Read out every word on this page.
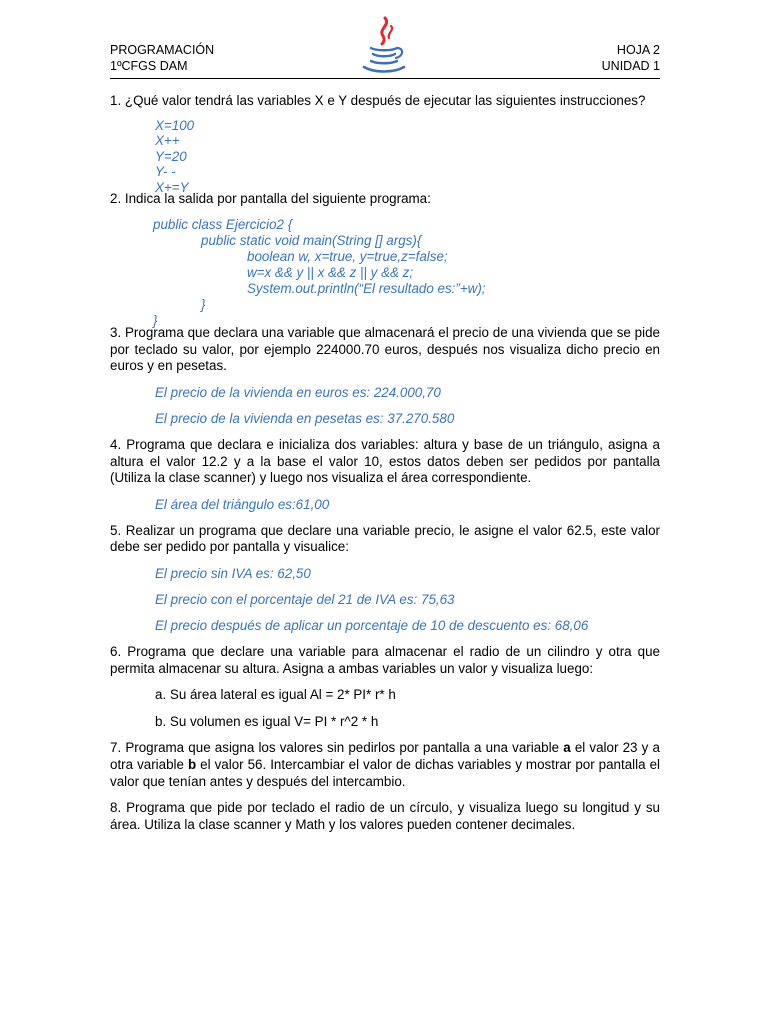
PROGRAMACIÓN
1ºCFGS DAM
HOJA 2
UNIDAD 1

1. ¿Qué valor tendrá las variables X e Y después de ejecutar las siguientes instrucciones?

X=100
X++
Y=20
Y- -
X+=Y

2. Indica la salida por pantalla del siguiente programa:

public class Ejercicio2 {
public static void main(String [] args){
boolean w, x=true, y=true,z=false;
w=x && y || x && z || y && z;
System.out.println(“El resultado es:”+w);
}
}

3. Programa que declara una variable que almacenará el precio de una vivienda que se pide por teclado su valor, por ejemplo 224000.70 euros, después nos visualiza dicho precio en euros y en pesetas.

El precio de la vivienda en euros es: 224.000,70
El precio de la vivienda en pesetas es: 37.270.580

4. Programa que declara e inicializa dos variables: altura y base de un triángulo, asigna a altura el valor 12.2 y a la base el valor 10, estos datos deben ser pedidos por pantalla (Utiliza la clase scanner) y luego nos visualiza el área correspondiente.

El área del triángulo es:61,00

5. Realizar un programa que declare una variable precio, le asigne el valor 62.5, este valor debe ser pedido por pantalla y visualice:

El precio sin IVA es: 62,50
El precio con el porcentaje del 21 de IVA es: 75,63
El precio después de aplicar un porcentaje de 10 de descuento es: 68,06

6. Programa que declare una variable para almacenar el radio de un cilindro y otra que permita almacenar su altura. Asigna a ambas variables un valor y visualiza luego:

a. Su área lateral es igual Al = 2* PI* r* h
b. Su volumen es igual V= PI * r^2 * h

7. Programa que asigna los valores sin pedirlos por pantalla a una variable a el valor 23 y a otra variable b el valor 56. Intercambiar el valor de dichas variables y mostrar por pantalla el valor que tenían antes y después del intercambio.

8. Programa que pide por teclado el radio de un círculo, y visualiza luego su longitud y su área. Utiliza la clase scanner y Math y los valores pueden contener decimales.
